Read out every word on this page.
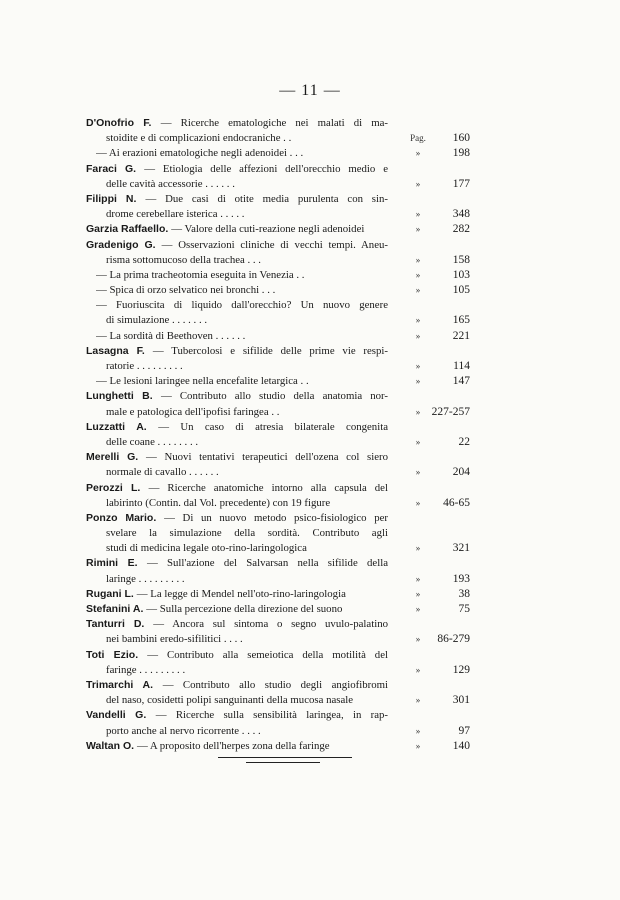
— 11 —
D'Onofrio F. — Ricerche ematologiche nei malati di ma-
stoidite e di complicazioni endocraniche . .	Pag.	160
— Ai erazioni ematologiche negli adenoidei . . .	»	198
Faraci G. — Etiologia delle affezioni dell'orecchio medio e
delle cavità accessorie . . . . . .	»	177
Filippi N. — Due casi di otite media purulenta con sin-
drome cerebellare isterica . . . . .	»	348
Garzia Raffaello. — Valore della cuti-reazione negli adenoidei	»	282
Gradenigo G. — Osservazioni cliniche di vecchi tempi. Aneu-
risma sottomucoso della trachea . . .	»	158
— La prima tracheotomia eseguita in Venezia . .	»	103
— Spica di orzo selvatico nei bronchi . . .	»	105
— Fuoriuscita di liquido dall'orecchio? Un nuovo genere
di simulazione . . . . . . .	»	165
— La sordità di Beethoven . . . . . .	»	221
Lasagna F. — Tubercolosi e sifilide delle prime vie respi-
ratorie . . . . . . . . .	»	114
— Le lesioni laringee nella encefalite letargica . .	»	147
Lunghetti B. — Contributo allo studio della anatomia nor-
male e patologica dell'ipofisi faringea . .	» 227-257
Luzzatti A. — Un caso di atresia bilaterale congenita
delle coane . . . . . . . .	»	22
Merelli G. — Nuovi tentativi terapeutici dell'ozena col siero
normale di cavallo . . . . . .	»	204
Perozzi L. — Ricerche anatomiche intorno alla capsula del
labirinto (Contin. dal Vol. precedente) con 19 figure	»	46-65
Ponzo Mario. — Di un nuovo metodo psico-fisiologico per
svelare la simulazione della sordità. Contributo agli
studi di medicina legale oto-rino-laringologica	»	321
Rimini E. — Sull'azione del Salvarsan nella sifilide della
laringe . . . . . . . . .	»	193
Rugani L. — La legge di Mendel nell'oto-rino-laringologia	»	38
Stefanini A. — Sulla percezione della direzione del suono	»	75
Tanturri D. — Ancora sul sintoma o segno uvulo-palatino
nei bambini eredo-sifilitici . . . .	»	86-279
Toti Ezio. — Contributo alla semeiotica della motilità del
faringe . . . . . . . . .	»	129
Trimarchi A. — Contributo allo studio degli angiofibromi
del naso, cosidetti polipi sanguinanti della mucosa nasale	»	301
Vandelli G. — Ricerche sulla sensibilità laringea, in rap-
porto anche al nervo ricorrente . . . .	»	97
Waltan O. — A proposito dell'herpes zona della faringe	»	140
